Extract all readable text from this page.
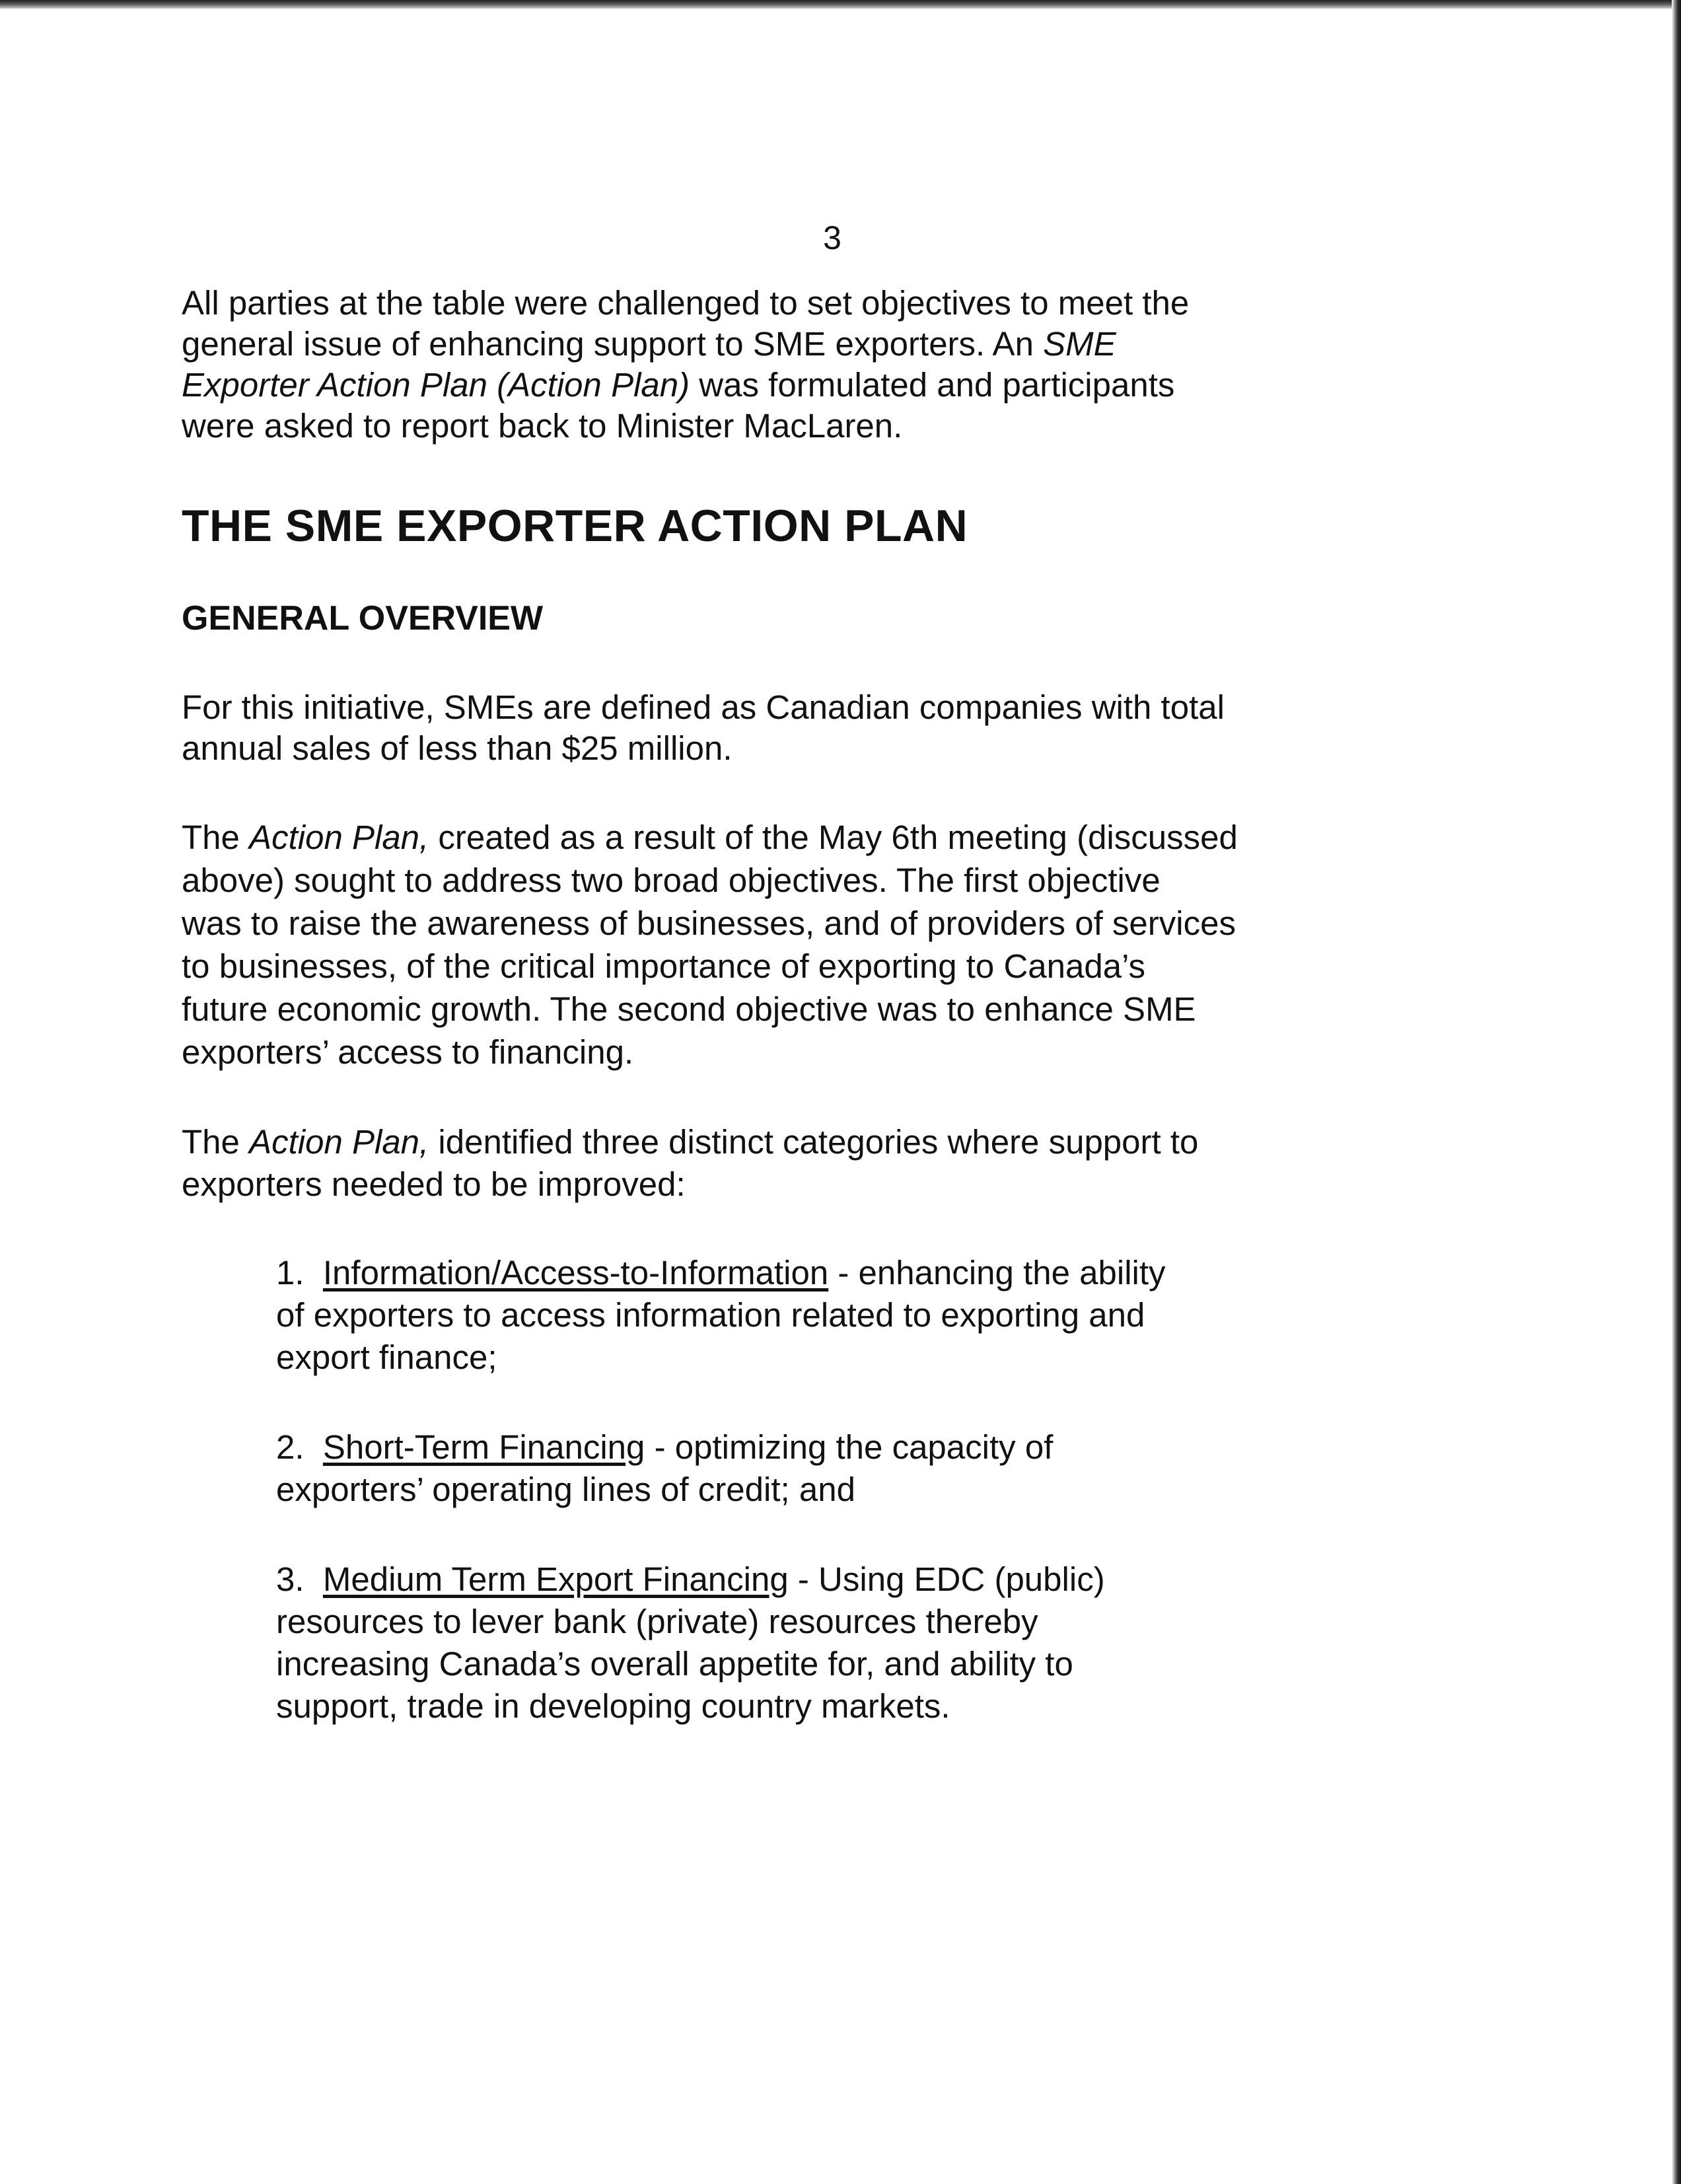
3
All parties at the table were challenged to set objectives to meet the
general issue of enhancing support to SME exporters. An SME
Exporter Action Plan (Action Plan) was formulated and participants
were asked to report back to Minister MacLaren.
THE SME EXPORTER ACTION PLAN
GENERAL OVERVIEW
For this initiative, SMEs are defined as Canadian companies with total
annual sales of less than $25 million.
The Action Plan, created as a result of the May 6th meeting (discussed
above) sought to address two broad objectives. The first objective
was to raise the awareness of businesses, and of providers of services
to businesses, of the critical importance of exporting to Canada’s
future economic growth. The second objective was to enhance SME
exporters’ access to financing.
The Action Plan, identified three distinct categories where support to
exporters needed to be improved:
1. Information/Access-to-Information - enhancing the ability
of exporters to access information related to exporting and
export finance;
2. Short-Term Financing - optimizing the capacity of
exporters’ operating lines of credit; and
3. Medium Term Export Financing - Using EDC (public)
resources to lever bank (private) resources thereby
increasing Canada’s overall appetite for, and ability to
support, trade in developing country markets.
